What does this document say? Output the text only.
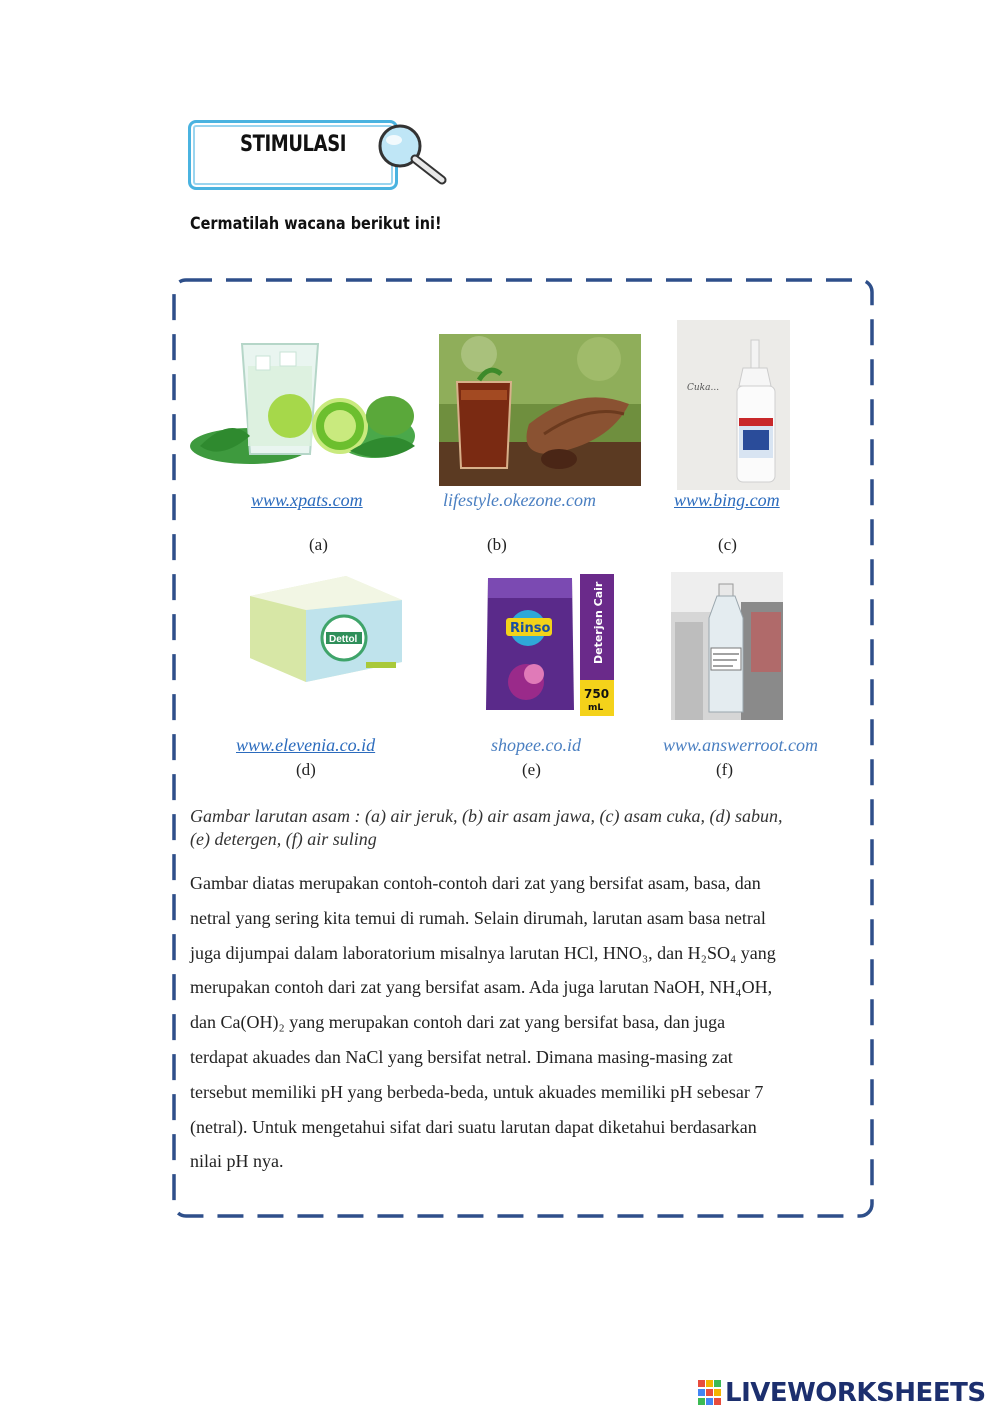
STIMULASI
Cermatilah wacana berikut ini!
www.xpats.com
(a)
lifestyle.okezone.com
(b)
Cuka...
www.bing.com
(c)
Dettol
www.elevenia.co.id
(d)
Rinso	Deterjen Cair
750
mL
shopee.co.id
(e)
www.answerroot.com
(f)
Gambar larutan asam : (a) air jeruk, (b) air asam jawa, (c) asam cuka, (d) sabun,
(e) detergen, (f) air suling
Gambar diatas merupakan contoh-contoh dari zat yang bersifat asam, basa, dan
netral yang sering kita temui di rumah. Selain dirumah, larutan asam basa netral
juga dijumpai dalam laboratorium misalnya larutan HCl, HNO₃, dan H₂SO₄ yang
merupakan contoh dari zat yang bersifat asam. Ada juga larutan NaOH, NH₄OH,
dan Ca(OH)₂ yang merupakan contoh dari zat yang bersifat basa, dan juga
terdapat akuades dan NaCl yang bersifat netral. Dimana masing-masing zat
tersebut memiliki pH yang berbeda-beda, untuk akuades memiliki pH sebesar 7
(netral). Untuk mengetahui sifat dari suatu larutan dapat diketahui berdasarkan
nilai pH nya.
LIVEWORKSHEETS
